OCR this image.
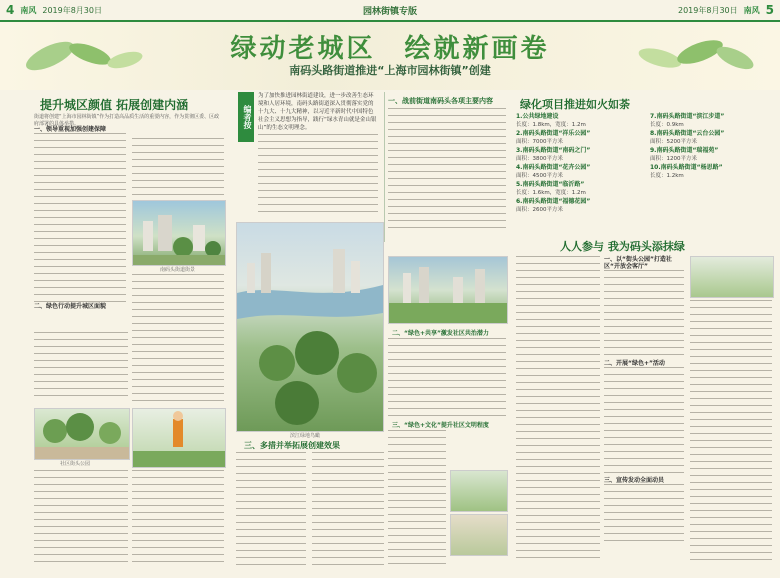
4 南风 2019年8月30日	园林街镇专版	2019年8月30日 南风 5
绿动老城区　绘就新画卷
南码头路街道推进“上海市园林街镇”创建
提升城区颜值 拓展创建内涵
街道将创建“上海市园林街镇”作为打造高品质生活的重要内容，作为贯彻区委、区政府部署的具体举措。
一、领导重视加强创建保障
二、绿色行动提升城区面貌
南码头街道街景
社区街头公园
编者按
为了加快推进园林街道建设，进一步改善生态环境和人居环境，南码头路街道深入贯彻落实党的十九大、十九大精神，以习近平新时代中国特色社会主义思想为指导，践行“绿水青山就是金山银山”的生态文明理念。
滨江绿地鸟瞰
三、多措并举拓展创建效果
一、战前街道南码头各项主要内容
二、“绿色+共享”激发社区共治潜力
三、“绿色+文化”提升社区文明程度
绿化项目推进如火如荼
1.公共绿地建设
长度：1.8km，宽度：1.2m
2.南码头路街道“祥乐公园”
面积：7000平方米
3.南码头路街道“南码之门”
面积：3800平方米
4.南码头路街道“花卉公园”
面积：4500平方米
5.南码头路街道“临沂路”
长度：1.6km，宽度：1.2m
6.南码头路街道“福德花园”
面积：2600平方米
7.南码头路街道“滨江步道”
长度：0.9km
8.南码头路街道“云台公园”
面积：5200平方米
9.南码头路街道“瑞福苑”
面积：1200平方米
10.南码头路街道“杨思路”
长度：1.2km
人人参与 我为码头添抹绿
一、以“街头公园”打造社区“开放会客厅”
二、开展“绿色+”活动
三、宣传发动全面动员
